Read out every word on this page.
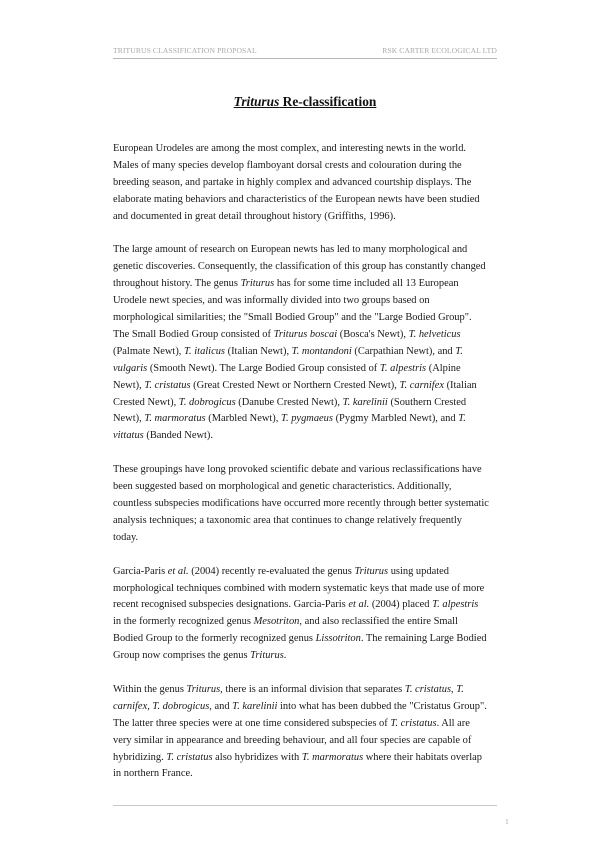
TRITURUS CLASSIFICATION PROPOSAL	RSK CARTER ECOLOGICAL LTD
Triturus Re-classification

European Urodeles are among the most complex, and interesting newts in the world.
Males of many species develop flamboyant dorsal crests and colouration during the
breeding season, and partake in highly complex and advanced courtship displays. The
elaborate mating behaviors and characteristics of the European newts have been studied
and documented in great detail throughout history (Griffiths, 1996).

The large amount of research on European newts has led to many morphological and
genetic discoveries. Consequently, the classification of this group has constantly changed
throughout history. The genus Triturus has for some time included all 13 European
Urodele newt species, and was informally divided into two groups based on
morphological similarities; the "Small Bodied Group" and the "Large Bodied Group".
The Small Bodied Group consisted of Triturus boscai (Bosca's Newt), T. helveticus
(Palmate Newt), T. italicus (Italian Newt), T. montandoni (Carpathian Newt), and T.
vulgaris (Smooth Newt). The Large Bodied Group consisted of T. alpestris (Alpine
Newt), T. cristatus (Great Crested Newt or Northern Crested Newt), T. carnifex (Italian
Crested Newt), T. dobrogicus (Danube Crested Newt), T. karelinii (Southern Crested
Newt), T. marmoratus (Marbled Newt), T. pygmaeus (Pygmy Marbled Newt), and T.
vittatus (Banded Newt).

These groupings have long provoked scientific debate and various reclassifications have
been suggested based on morphological and genetic characteristics. Additionally,
countless subspecies modifications have occurred more recently through better systematic
analysis techniques; a taxonomic area that continues to change relatively frequently
today.

Garcia-Paris et al. (2004) recently re-evaluated the genus Triturus using updated
morphological techniques combined with modern systematic keys that made use of more
recent recognised subspecies designations. Garcia-Paris et al. (2004) placed T. alpestris
in the formerly recognized genus Mesotriton, and also reclassified the entire Small
Bodied Group to the formerly recognized genus Lissotriton. The remaining Large Bodied
Group now comprises the genus Triturus.

Within the genus Triturus, there is an informal division that separates T. cristatus, T.
carnifex, T. dobrogicus, and T. karelinii into what has been dubbed the "Cristatus Group".
The latter three species were at one time considered subspecies of T. cristatus. All are
very similar in appearance and breeding behaviour, and all four species are capable of
hybridizing. T. cristatus also hybridizes with T. marmoratus where their habitats overlap
in northern France.

1
